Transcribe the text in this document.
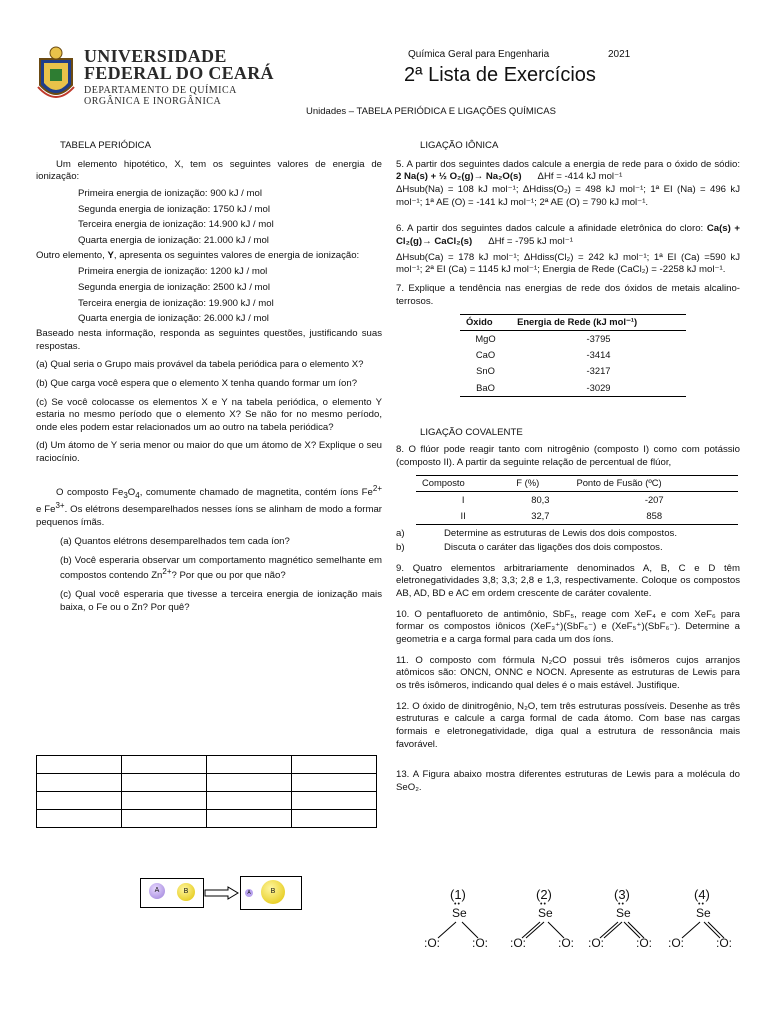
UNIVERSIDADE
FEDERAL DO CEARÁ
DEPARTAMENTO DE QUÍMICA
ORGÂNICA E INORGÂNICA
Química Geral para Engenharia	2021
2ª Lista de Exercícios
Unidades – TABELA PERIÓDICA E LIGAÇÕES QUÍMICAS
TABELA PERIÓDICA

Um elemento hipotético, X, tem os seguintes valores de energia de ionização:

Primeira energia de ionização: 900 kJ / mol

Segunda energia de ionização: 1750 kJ / mol

Terceira energia de ionização: 14.900 kJ / mol

Quarta energia de ionização: 21.000 kJ / mol

Outro elemento, Y, apresenta os seguintes valores de energia de ionização:

Primeira energia de ionização: 1200 kJ / mol

Segunda energia de ionização: 2500 kJ / mol

Terceira energia de ionização: 19.900 kJ / mol

Quarta energia de ionização: 26.000 kJ / mol

Baseado nesta informação, responda as seguintes questões, justificando suas respostas.

(a) Qual seria o Grupo mais provável da tabela periódica para o elemento X?

(b) Que carga você espera que o elemento X tenha quando formar um íon?

(c) Se você colocasse os elementos X e Y na tabela periódica, o elemento Y estaria no mesmo período que o elemento X? Se não for no mesmo período, onde eles podem estar relacionados um ao outro na tabela periódica?

(d) Um átomo de Y seria menor ou maior do que um átomo de X? Explique o seu raciocínio.

O composto $Fe_3O_4$, comumente chamado de magnetita, contém íons $Fe^{2+}$ e $Fe^{3+}$. Os elétrons desemparelhados nesses íons se alinham de modo a formar pequenos ímãs.

(a) Quantos elétrons desemparelhados tem cada íon?

(b) Você esperaria observar um comportamento magnético semelhante em compostos contendo $Zn^{2+}$? Por que ou por que não?

(c) Qual você esperaria que tivesse a terceira energia de ionização mais baixa, o Fe ou o Zn? Por quê?

A	B	A	B
LIGAÇÃO IÔNICA

5. A partir dos seguintes dados calcule a energia de rede para o óxido de sódio: 2 Na(s) + ½ O₂(g)→ Na₂O(s) ΔHf = -414 kJ mol⁻¹

ΔHsub(Na) = 108 kJ mol⁻¹; ΔHdiss(O₂) = 498 kJ mol⁻¹; 1ª EI (Na) = 496 kJ mol⁻¹; 1ª AE (O) = -141 kJ mol⁻¹; 2ª AE (O) = 790 kJ mol⁻¹.

6. A partir dos seguintes dados calcule a afinidade eletrônica do cloro: Ca(s) + Cl₂(g)→ CaCl₂(s) ΔHf = -795 kJ mol⁻¹

ΔHsub(Ca) = 178 kJ mol⁻¹; ΔHdiss(Cl₂) = 242 kJ mol⁻¹; 1ª EI (Ca) =590 kJ mol⁻¹; 2ª EI (Ca) = 1145 kJ mol⁻¹; Energia de Rede (CaCl₂) = -2258 kJ mol⁻¹.

7. Explique a tendência nas energias de rede dos óxidos de metais alcalino-terrosos.

Óxido	Energia de Rede (kJ mol⁻¹)
MgO	-3795
CaO	-3414
SnO	-3217
BaO	-3029
LIGAÇÃO COVALENTE

8. O flúor pode reagir tanto com nitrogênio (composto I) como com potássio (composto II). A partir da seguinte relação de percentual de flúor,

Composto	F (%)	Ponto de Fusão (ºC)
I	80,3	-207
II	32,7	858
a)	Determine as estruturas de Lewis dos dois compostos.
b)	Discuta o caráter das ligações dos dois compostos.

9. Quatro elementos arbitrariamente denominados A, B, C e D têm eletronegatividades 3,8; 3,3; 2,8 e 1,3, respectivamente. Coloque os compostos AB, AD, BD e AC em ordem crescente de caráter covalente.

10. O pentafluoreto de antimônio, SbF₅, reage com XeF₄ e com XeF₆ para formar os compostos iônicos (XeF₃⁺)(SbF₆⁻) e (XeF₅⁺)(SbF₆⁻). Determine a geometria e a carga formal para cada um dos íons.

11. O composto com fórmula N₂CO possui três isômeros cujos arranjos atômicos são: ONCN, ONNC e NOCN. Apresente as estruturas de Lewis para os três isômeros, indicando qual deles é o mais estável. Justifique.

12. O óxido de dinitrogênio, N₂O, tem três estruturas possíveis. Desenhe as três estruturas e calcule a carga formal de cada átomo. Com base nas cargas formais e eletronegatividade, diga qual a estrutura de ressonância mais favorável.

13. A Figura abaixo mostra diferentes estruturas de Lewis para a molécula do SeO₂.

(1)
••
Se
:O:	:O:
(2)
••
Se
:O:	:O:
(3)
••
Se
:O:	:O:
(4)
••
Se
:O:	:O:
